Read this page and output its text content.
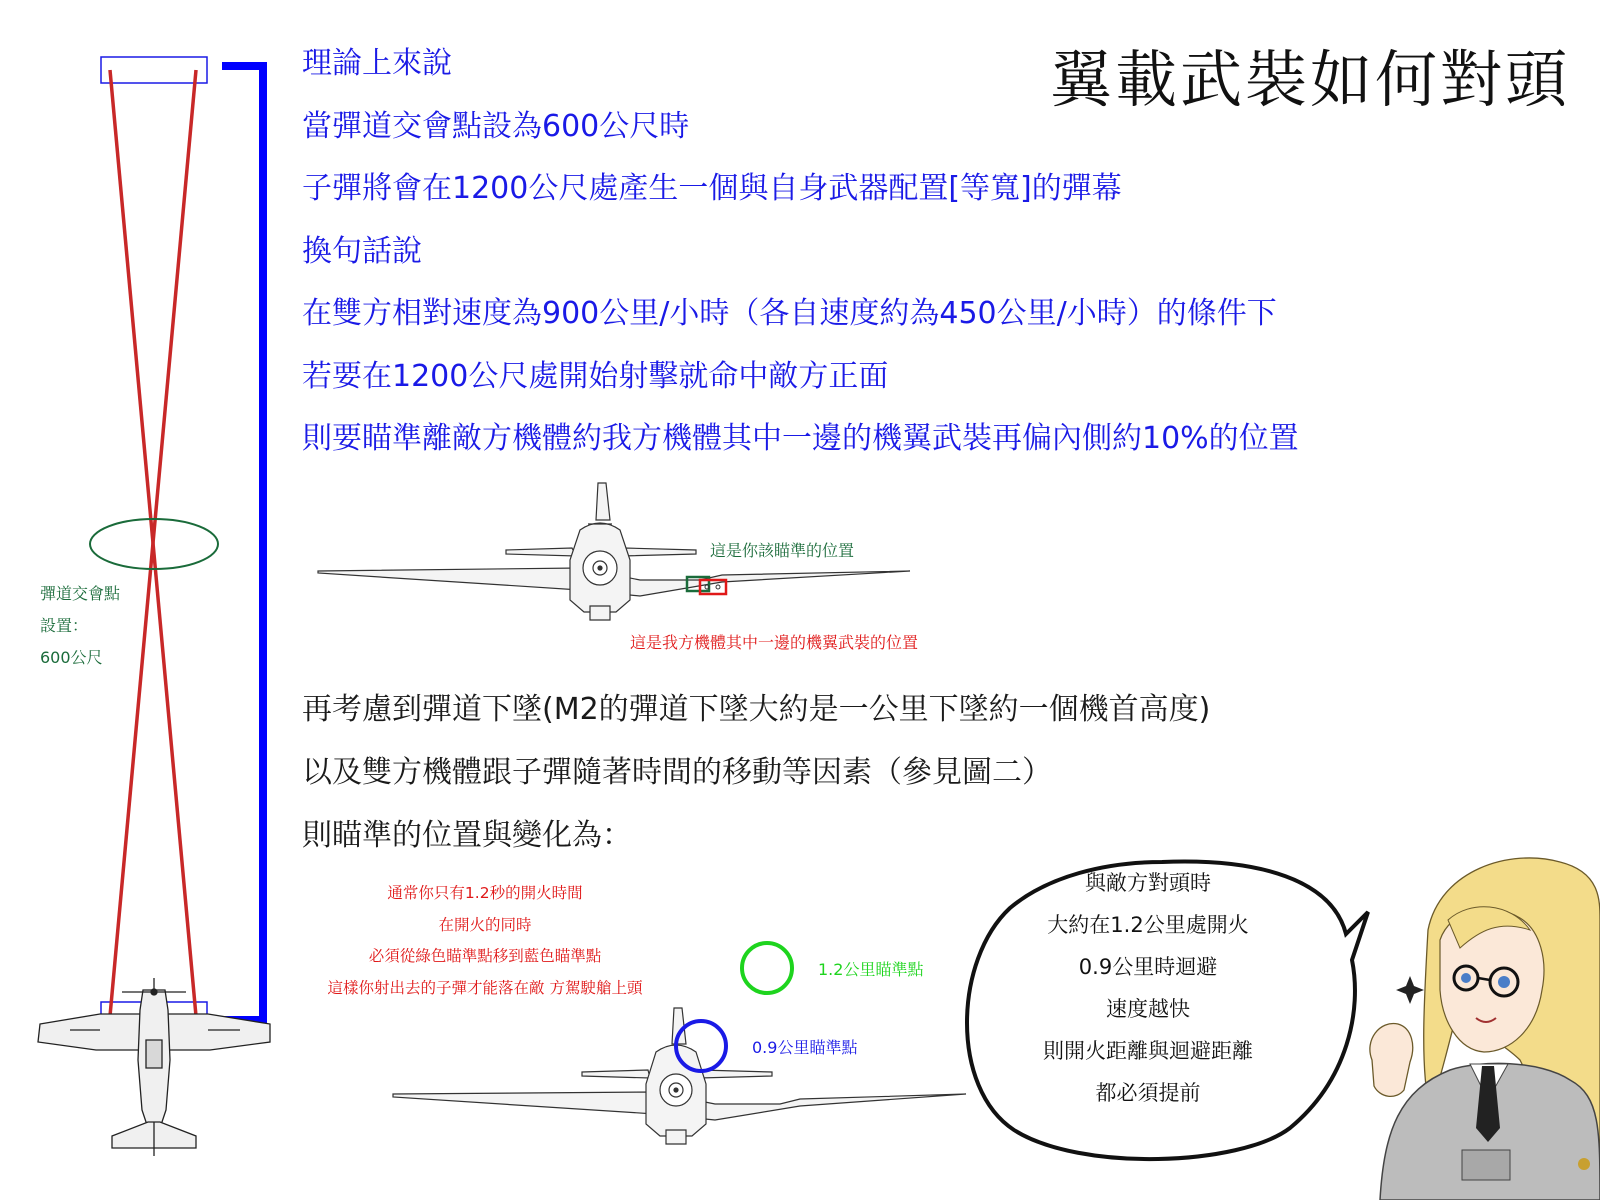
翼載武裝如何對頭
理論上來說
當彈道交會點設為600公尺時
子彈將會在1200公尺處產生一個與自身武器配置[等寬]的彈幕
換句話說
在雙方相對速度為900公里/小時（各自速度約為450公里/小時）的條件下
若要在1200公尺處開始射擊就命中敵方正面
則要瞄準離敵方機體約我方機體其中一邊的機翼武裝再偏內側約10%的位置
彈道交會點
設置：
600公尺
這是你該瞄準的位置
這是我方機體其中一邊的機翼武裝的位置
再考慮到彈道下墜(M2的彈道下墜大約是一公里下墜約一個機首高度)
以及雙方機體跟子彈隨著時間的移動等因素（參見圖二）
則瞄準的位置與變化為：
通常你只有1.2秒的開火時間
在開火的同時
必須從綠色瞄準點移到藍色瞄準點
這樣你射出去的子彈才能落在敵 方駕駛艙上頭
1.2公里瞄準點
0.9公里瞄準點
與敵方對頭時
大約在1.2公里處開火
0.9公里時迴避
速度越快
則開火距離與迴避距離
都必須提前
